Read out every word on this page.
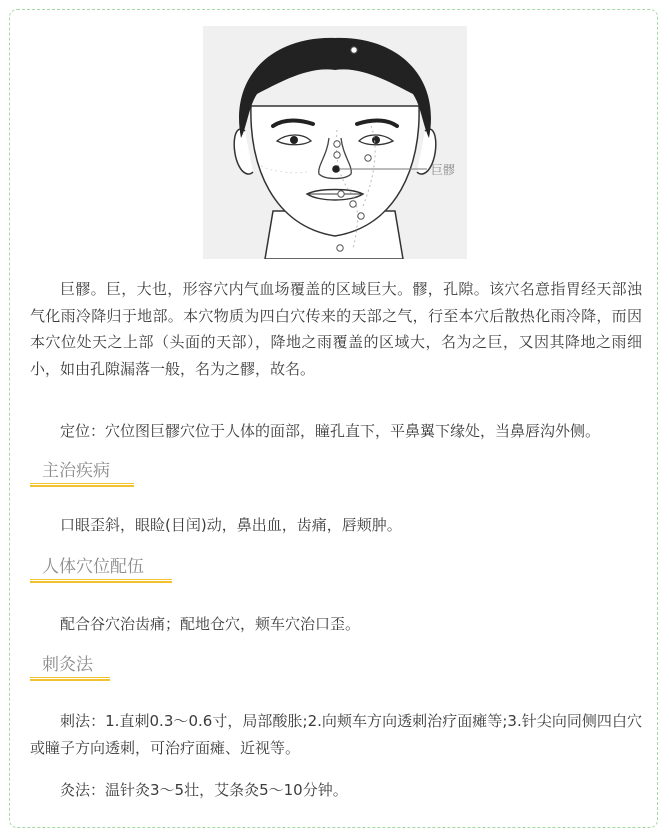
巨髎

巨髎。巨，大也，形容穴内气血场覆盖的区域巨大。髎，孔隙。该穴名意指胃经天部浊气化雨冷降归于地部。本穴物质为四白穴传来的天部之气，行至本穴后散热化雨冷降，而因本穴位处天之上部（头面的天部），降地之雨覆盖的区域大，名为之巨，又因其降地之雨细小，如由孔隙漏落一般，名为之髎，故名。

定位：穴位图巨髎穴位于人体的面部，瞳孔直下，平鼻翼下缘处，当鼻唇沟外侧。

主治疾病

口眼歪斜，眼睑(目闰)动，鼻出血，齿痛，唇颊肿。

人体穴位配伍

配合谷穴治齿痛；配地仓穴，颊车穴治口歪。

刺灸法

刺法：1.直刺0.3～0.6寸，局部酸胀;2.向颊车方向透刺治疗面瘫等;3.针尖向同侧四白穴或瞳子方向透刺，可治疗面瘫、近视等。

灸法：温针灸3～5壮，艾条灸5～10分钟。
